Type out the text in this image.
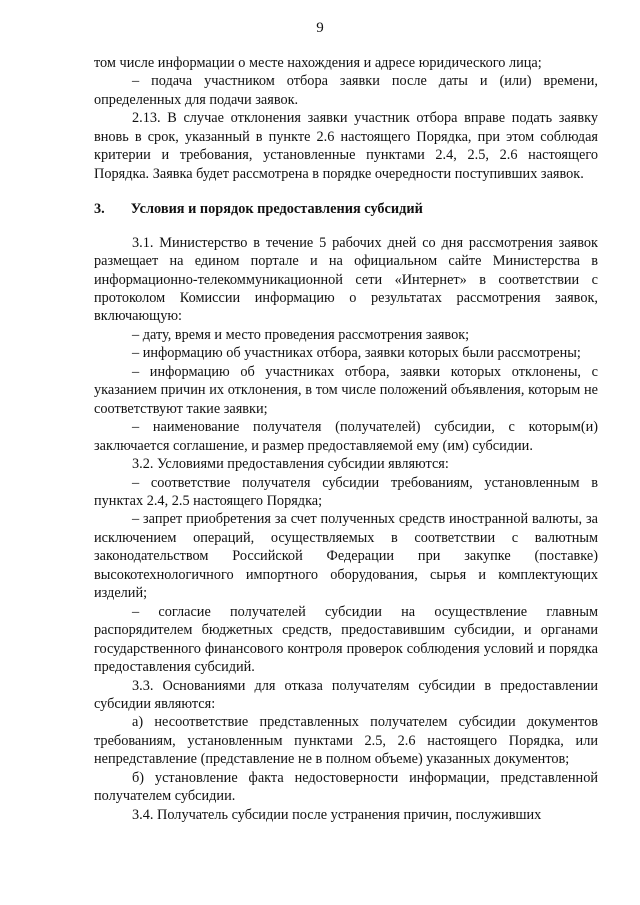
9

том числе информации о месте нахождения и адресе юридического лица;

– подача участником отбора заявки после даты и (или) времени, определенных для подачи заявок.

2.13. В случае отклонения заявки участник отбора вправе подать заявку вновь в срок, указанный в пункте 2.6 настоящего Порядка, при этом соблюдая критерии и требования, установленные пунктами 2.4, 2.5, 2.6 настоящего Порядка. Заявка будет рассмотрена в порядке очередности поступивших заявок.

3. Условия и порядок предоставления субсидий

3.1. Министерство в течение 5 рабочих дней со дня рассмотрения заявок размещает на едином портале и на официальном сайте Министерства в информационно-телекоммуникационной сети «Интернет» в соответствии с протоколом Комиссии информацию о результатах рассмотрения заявок, включающую:

– дату, время и место проведения рассмотрения заявок;

– информацию об участниках отбора, заявки которых были рассмотрены;

– информацию об участниках отбора, заявки которых отклонены, с указанием причин их отклонения, в том числе положений объявления, которым не соответствуют такие заявки;

– наименование получателя (получателей) субсидии, с которым(и) заключается соглашение, и размер предоставляемой ему (им) субсидии.

3.2. Условиями предоставления субсидии являются:

– соответствие получателя субсидии требованиям, установленным в пунктах 2.4, 2.5 настоящего Порядка;

– запрет приобретения за счет полученных средств иностранной валюты, за исключением операций, осуществляемых в соответствии с валютным законодательством Российской Федерации при закупке (поставке) высокотехнологичного импортного оборудования, сырья и комплектующих изделий;

– согласие получателей субсидии на осуществление главным распорядителем бюджетных средств, предоставившим субсидии, и органами государственного финансового контроля проверок соблюдения условий и порядка предоставления субсидий.

3.3. Основаниями для отказа получателям субсидии в предоставлении субсидии являются:

а) несоответствие представленных получателем субсидии документов требованиям, установленным пунктами 2.5, 2.6 настоящего Порядка, или непредставление (представление не в полном объеме) указанных документов;

б) установление факта недостоверности информации, представленной получателем субсидии.

3.4. Получатель субсидии после устранения причин, послуживших
